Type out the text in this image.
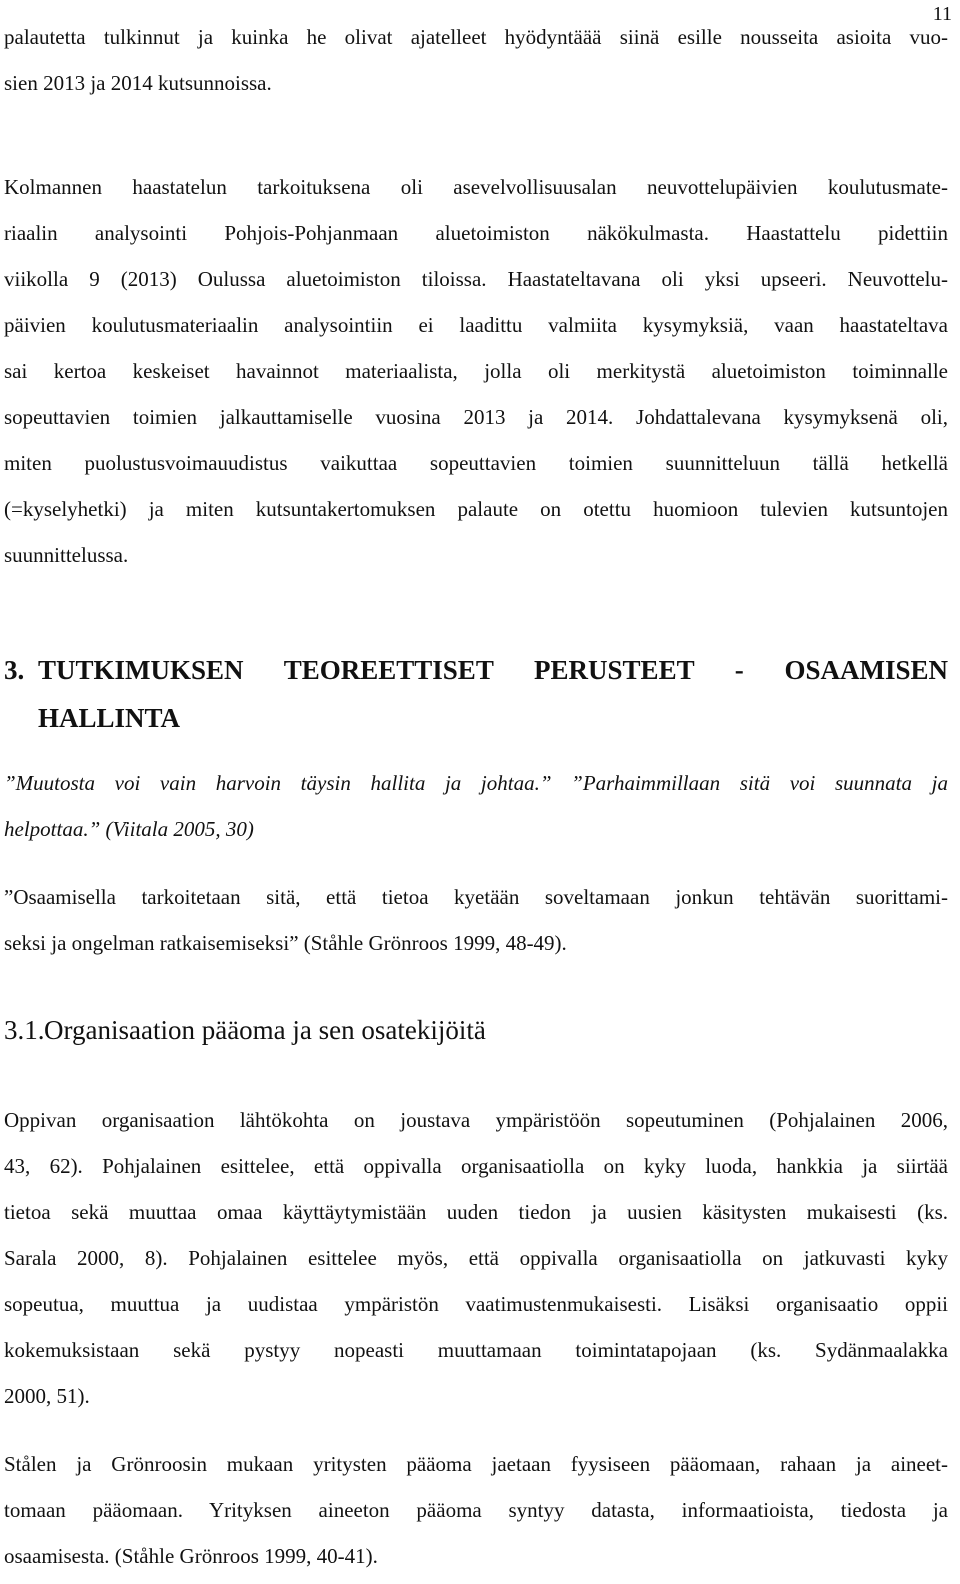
11
palautetta tulkinnut ja kuinka he olivat ajatelleet hyödyntäää siinä esille nousseita asioita vuo-
sien 2013 ja 2014 kutsunnoissa.
Kolmannen haastatelun tarkoituksena oli asevelvollisuusalan neuvottelupäivien koulutusmate-
riaalin analysointi Pohjois-Pohjanmaan aluetoimiston näkökulmasta. Haastattelu pidettiin
viikolla 9 (2013) Oulussa aluetoimiston tiloissa. Haastateltavana oli yksi upseeri. Neuvottelu-
päivien koulutusmateriaalin analysointiin ei laadittu valmiita kysymyksiä, vaan haastateltava
sai kertoa keskeiset havainnot materiaalista, jolla oli merkitystä aluetoimiston toiminnalle
sopeuttavien toimien jalkauttamiselle vuosina 2013 ja 2014. Johdattalevana kysymyksenä oli,
miten puolustusvoimauudistus vaikuttaa sopeuttavien toimien suunnitteluun tällä hetkellä
(=kyselyhetki) ja miten kutsuntakertomuksen palaute on otettu huomioon tulevien kutsuntojen
suunnittelussa.
3. TUTKIMUKSEN TEOREETTISET PERUSTEET - OSAAMISEN
HALLINTA
”Muutosta voi vain harvoin täysin hallita ja johtaa.” ”Parhaimmillaan sitä voi suunnata ja
helpottaa.” (Viitala 2005, 30)
”Osaamisella tarkoitetaan sitä, että tietoa kyetään soveltamaan jonkun tehtävän suorittami-
seksi ja ongelman ratkaisemiseksi” (Ståhle Grönroos 1999, 48-49).
3.1.Organisaation pääoma ja sen osatekijöitä
Oppivan organisaation lähtökohta on joustava ympäristöön sopeutuminen (Pohjalainen 2006,
43, 62). Pohjalainen esittelee, että oppivalla organisaatiolla on kyky luoda, hankkia ja siirtää
tietoa sekä muuttaa omaa käyttäytymistään uuden tiedon ja uusien käsitysten mukaisesti (ks.
Sarala 2000, 8). Pohjalainen esittelee myös, että oppivalla organisaatiolla on jatkuvasti kyky
sopeutua, muuttua ja uudistaa ympäristön vaatimustenmukaisesti. Lisäksi organisaatio oppii
kokemuksistaan sekä pystyy nopeasti muuttamaan toimintatapojaan (ks. Sydänmaalakka
2000, 51).
Stålen ja Grönroosin mukaan yritysten pääoma jaetaan fyysiseen pääomaan, rahaan ja aineet-
tomaan pääomaan. Yrityksen aineeton pääoma syntyy datasta, informaatioista, tiedosta ja
osaamisesta. (Ståhle Grönroos 1999, 40-41).
